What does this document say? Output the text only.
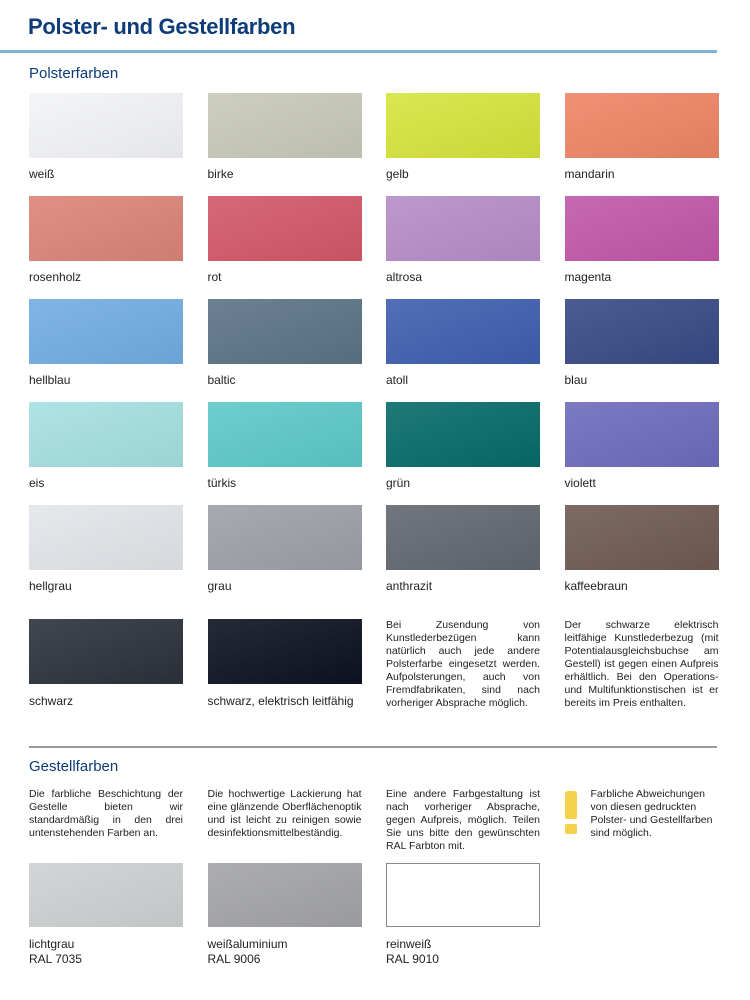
Polster- und Gestellfarben
Polsterfarben
weiß	birke	gelb	mandarin
rosenholz	rot	altrosa	magenta
hellblau	baltic	atoll	blau
eis	türkis	grün	violett
hellgrau	grau	anthrazit	kaffeebraun
schwarz	schwarz, elektrisch leitfähig

Bei Zusendung von Kunstlederbezügen kann natürlich auch jede andere Polsterfarbe eingesetzt werden. Aufpolsterungen, auch von Fremdfabrikaten, sind nach vorheriger Absprache möglich.

Der schwarze elektrisch leitfähige Kunstlederbezug (mit Potentialausgleichsbuchse am Gestell) ist gegen einen Aufpreis erhältlich. Bei den Operations- und Multifunktionstischen ist er bereits im Preis enthalten.

Gestellfarben

Die farbliche Beschichtung der Gestelle bieten wir standardmäßig in den drei untenstehenden Farben an.

Die hochwertige Lackierung hat eine glänzende Oberflächenoptik und ist leicht zu reinigen sowie desinfektionsmittelbeständig.

Eine andere Farbgestaltung ist nach vorheriger Absprache, gegen Aufpreis, möglich. Teilen Sie uns bitte den gewünschten RAL Farbton mit.

Farbliche Abweichungen von diesen gedruckten Polster- und Gestellfarben sind möglich.

lichtgrau
RAL 7035
weißaluminium
RAL 9006
reinweiß
RAL 9010
